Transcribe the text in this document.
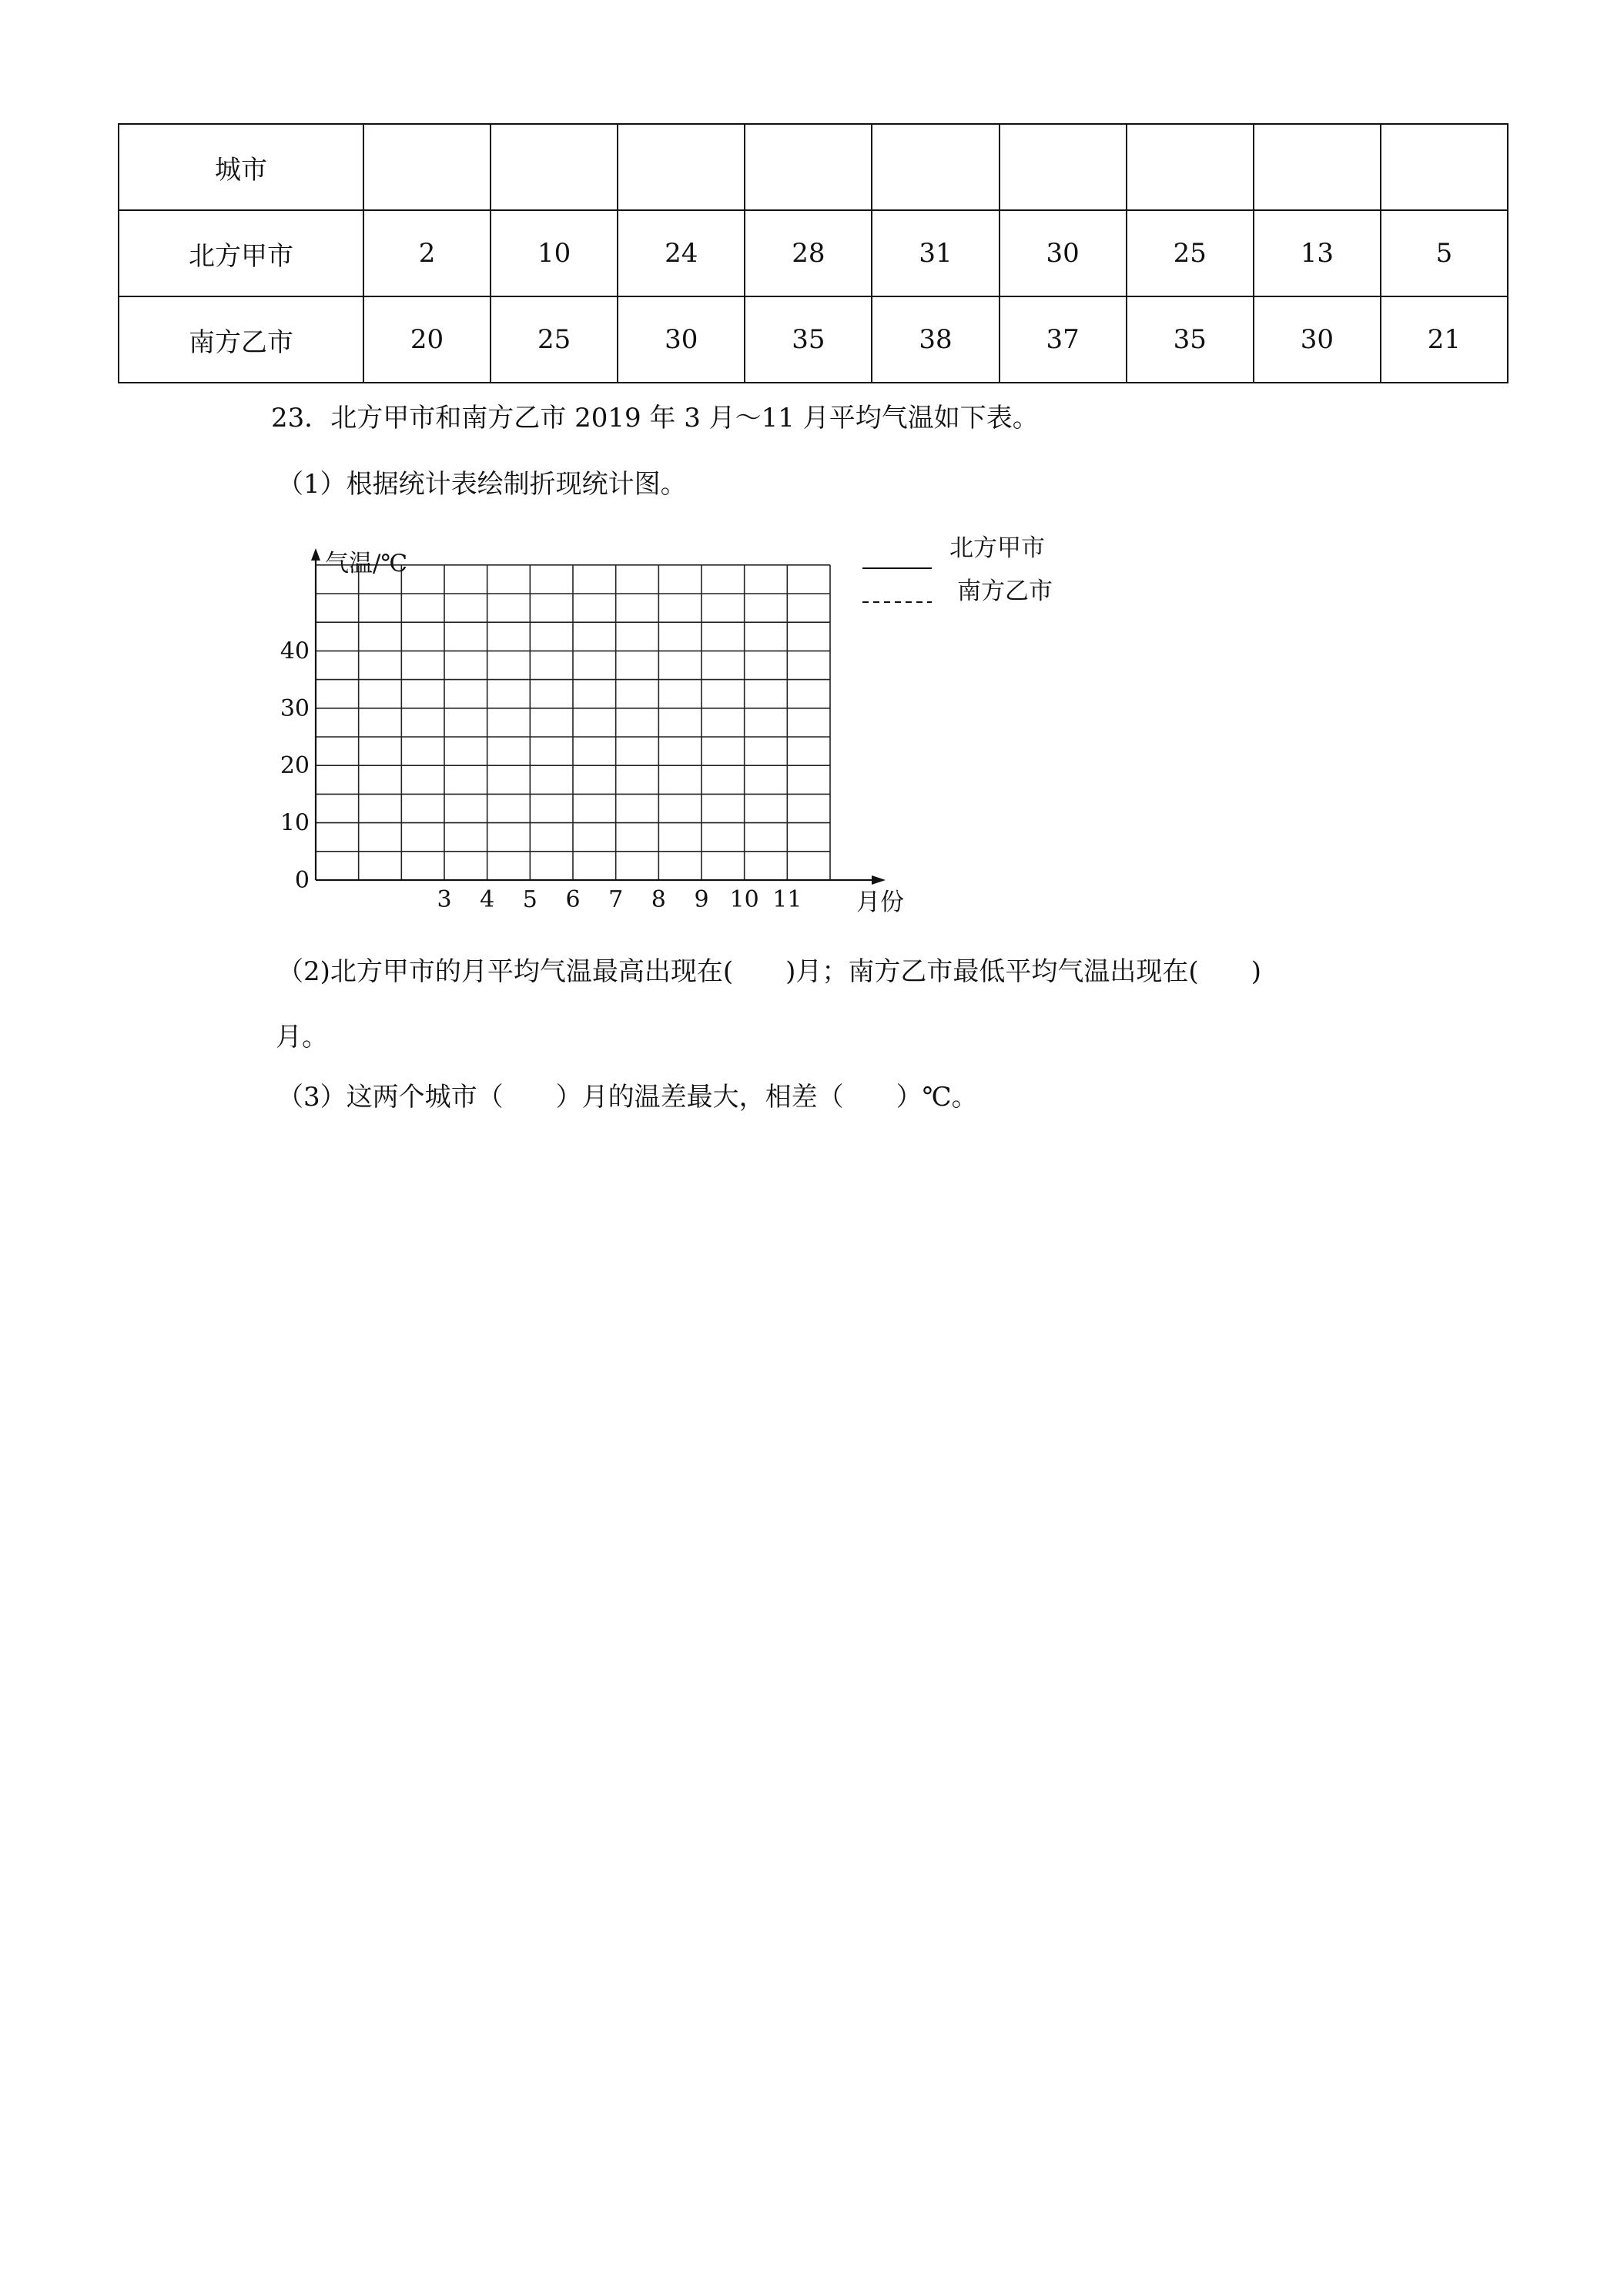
城市									
北方甲市	2	10	24	28	31	30	25	13	5
南方乙市	20	25	30	35	38	37	35	30	21
23．北方甲市和南方乙市 2019 年 3 月～11 月平均气温如下表。
（1）根据统计表绘制折现统计图。
气温/℃
月份
0
10
20
30
40
3 4 5 6 7 8 9 10 11
北方甲市
南方乙市
（2)北方甲市的月平均气温最高出现在(　　)月；南方乙市最低平均气温出现在(　　)
月。
（3）这两个城市（　　）月的温差最大，相差（　　）℃。
